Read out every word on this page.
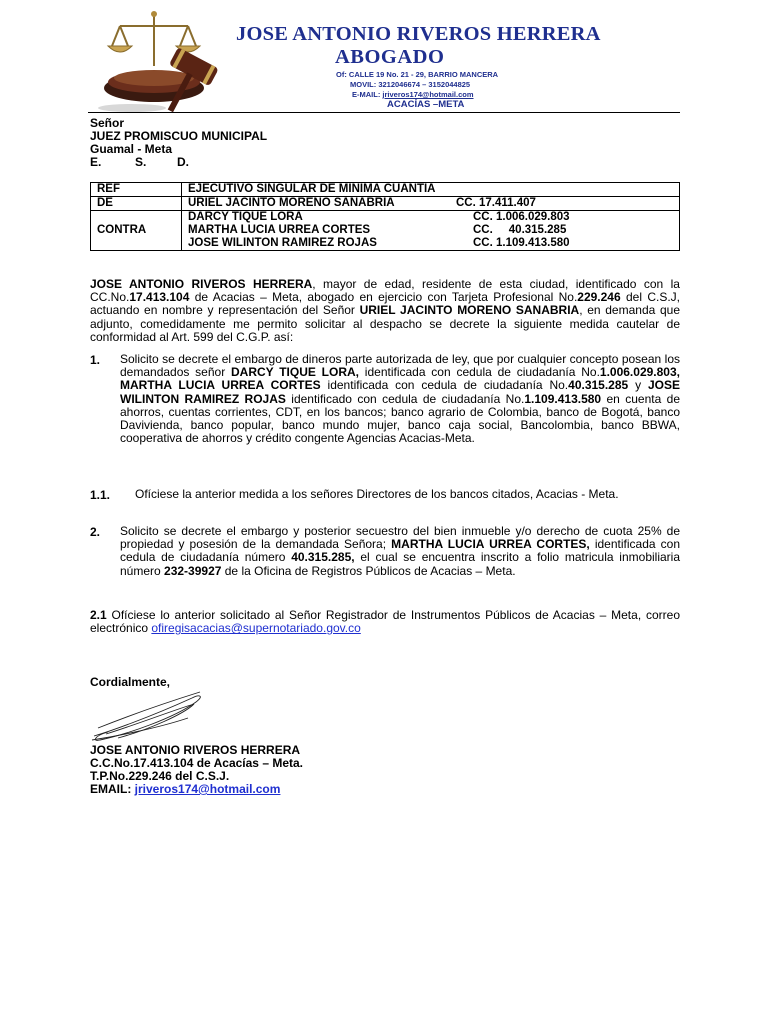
JOSE ANTONIO RIVEROS HERRERA
ABOGADO
Of: CALLE 19 No. 21 - 29, BARRIO MANCERA
MOVIL: 3212046674 – 3152044825
E-MAIL: jriveros174@hotmail.com
ACACÍAS –META
Señor
JUEZ PROMISCUO MUNICIPAL
Guamal - Meta
E.	S.	D.
REF	EJECUTIVO SINGULAR DE MINIMA CUANTIA
DE	URIEL JACINTO MORENO SANABRIA CC. 17.411.407
CONTRA	DARCY TIQUE LORA CC. 1.006.029.803
MARTHA LUCIA URREA CORTES CC.     40.315.285
JOSE WILINTON RAMIREZ ROJAS CC. 1.109.413.580
JOSE ANTONIO RIVEROS HERRERA, mayor de edad, residente de esta ciudad, identificado con la CC.No.17.413.104 de Acacias – Meta, abogado en ejercicio con Tarjeta Profesional No.229.246 del C.S.J, actuando en nombre y representación del Señor URIEL JACINTO MORENO SANABRIA, en demanda que adjunto, comedidamente me permito solicitar al despacho se decrete la siguiente medida cautelar de conformidad al Art. 599 del C.G.P. así:
1. Solicito se decrete el embargo de dineros parte autorizada de ley, que por cualquier concepto posean los demandados señor DARCY TIQUE LORA, identificada con cedula de ciudadanía No.1.006.029.803, MARTHA LUCIA URREA CORTES identificada con cedula de ciudadanía No.40.315.285 y JOSE WILINTON RAMIREZ ROJAS identificado con cedula de ciudadanía No.1.109.413.580 en cuenta de ahorros, cuentas corrientes, CDT, en los bancos; banco agrario de Colombia, banco de Bogotá, banco Davivienda, banco popular, banco mundo mujer, banco caja social, Bancolombia, banco BBWA, cooperativa de ahorros y crédito congente Agencias Acacias-Meta.
1.1. Ofíciese la anterior medida a los señores Directores de los bancos citados, Acacias - Meta.
2. Solicito se decrete el embargo y posterior secuestro del bien inmueble y/o derecho de cuota 25% de propiedad y posesión de la demandada Señora; MARTHA LUCIA URREA CORTES, identificada con cedula de ciudadanía número 40.315.285, el cual se encuentra inscrito a folio matricula inmobiliaria número 232-39927 de la Oficina de Registros Públicos de Acacias – Meta.
2.1 Ofíciese lo anterior solicitado al Señor Registrador de Instrumentos Públicos de Acacias – Meta, correo electrónico ofiregisacacias@supernotariado.gov.co
Cordialmente,
JOSE ANTONIO RIVEROS HERRERA
C.C.No.17.413.104 de Acacías – Meta.
T.P.No.229.246 del C.S.J.
EMAIL: jriveros174@hotmail.com
